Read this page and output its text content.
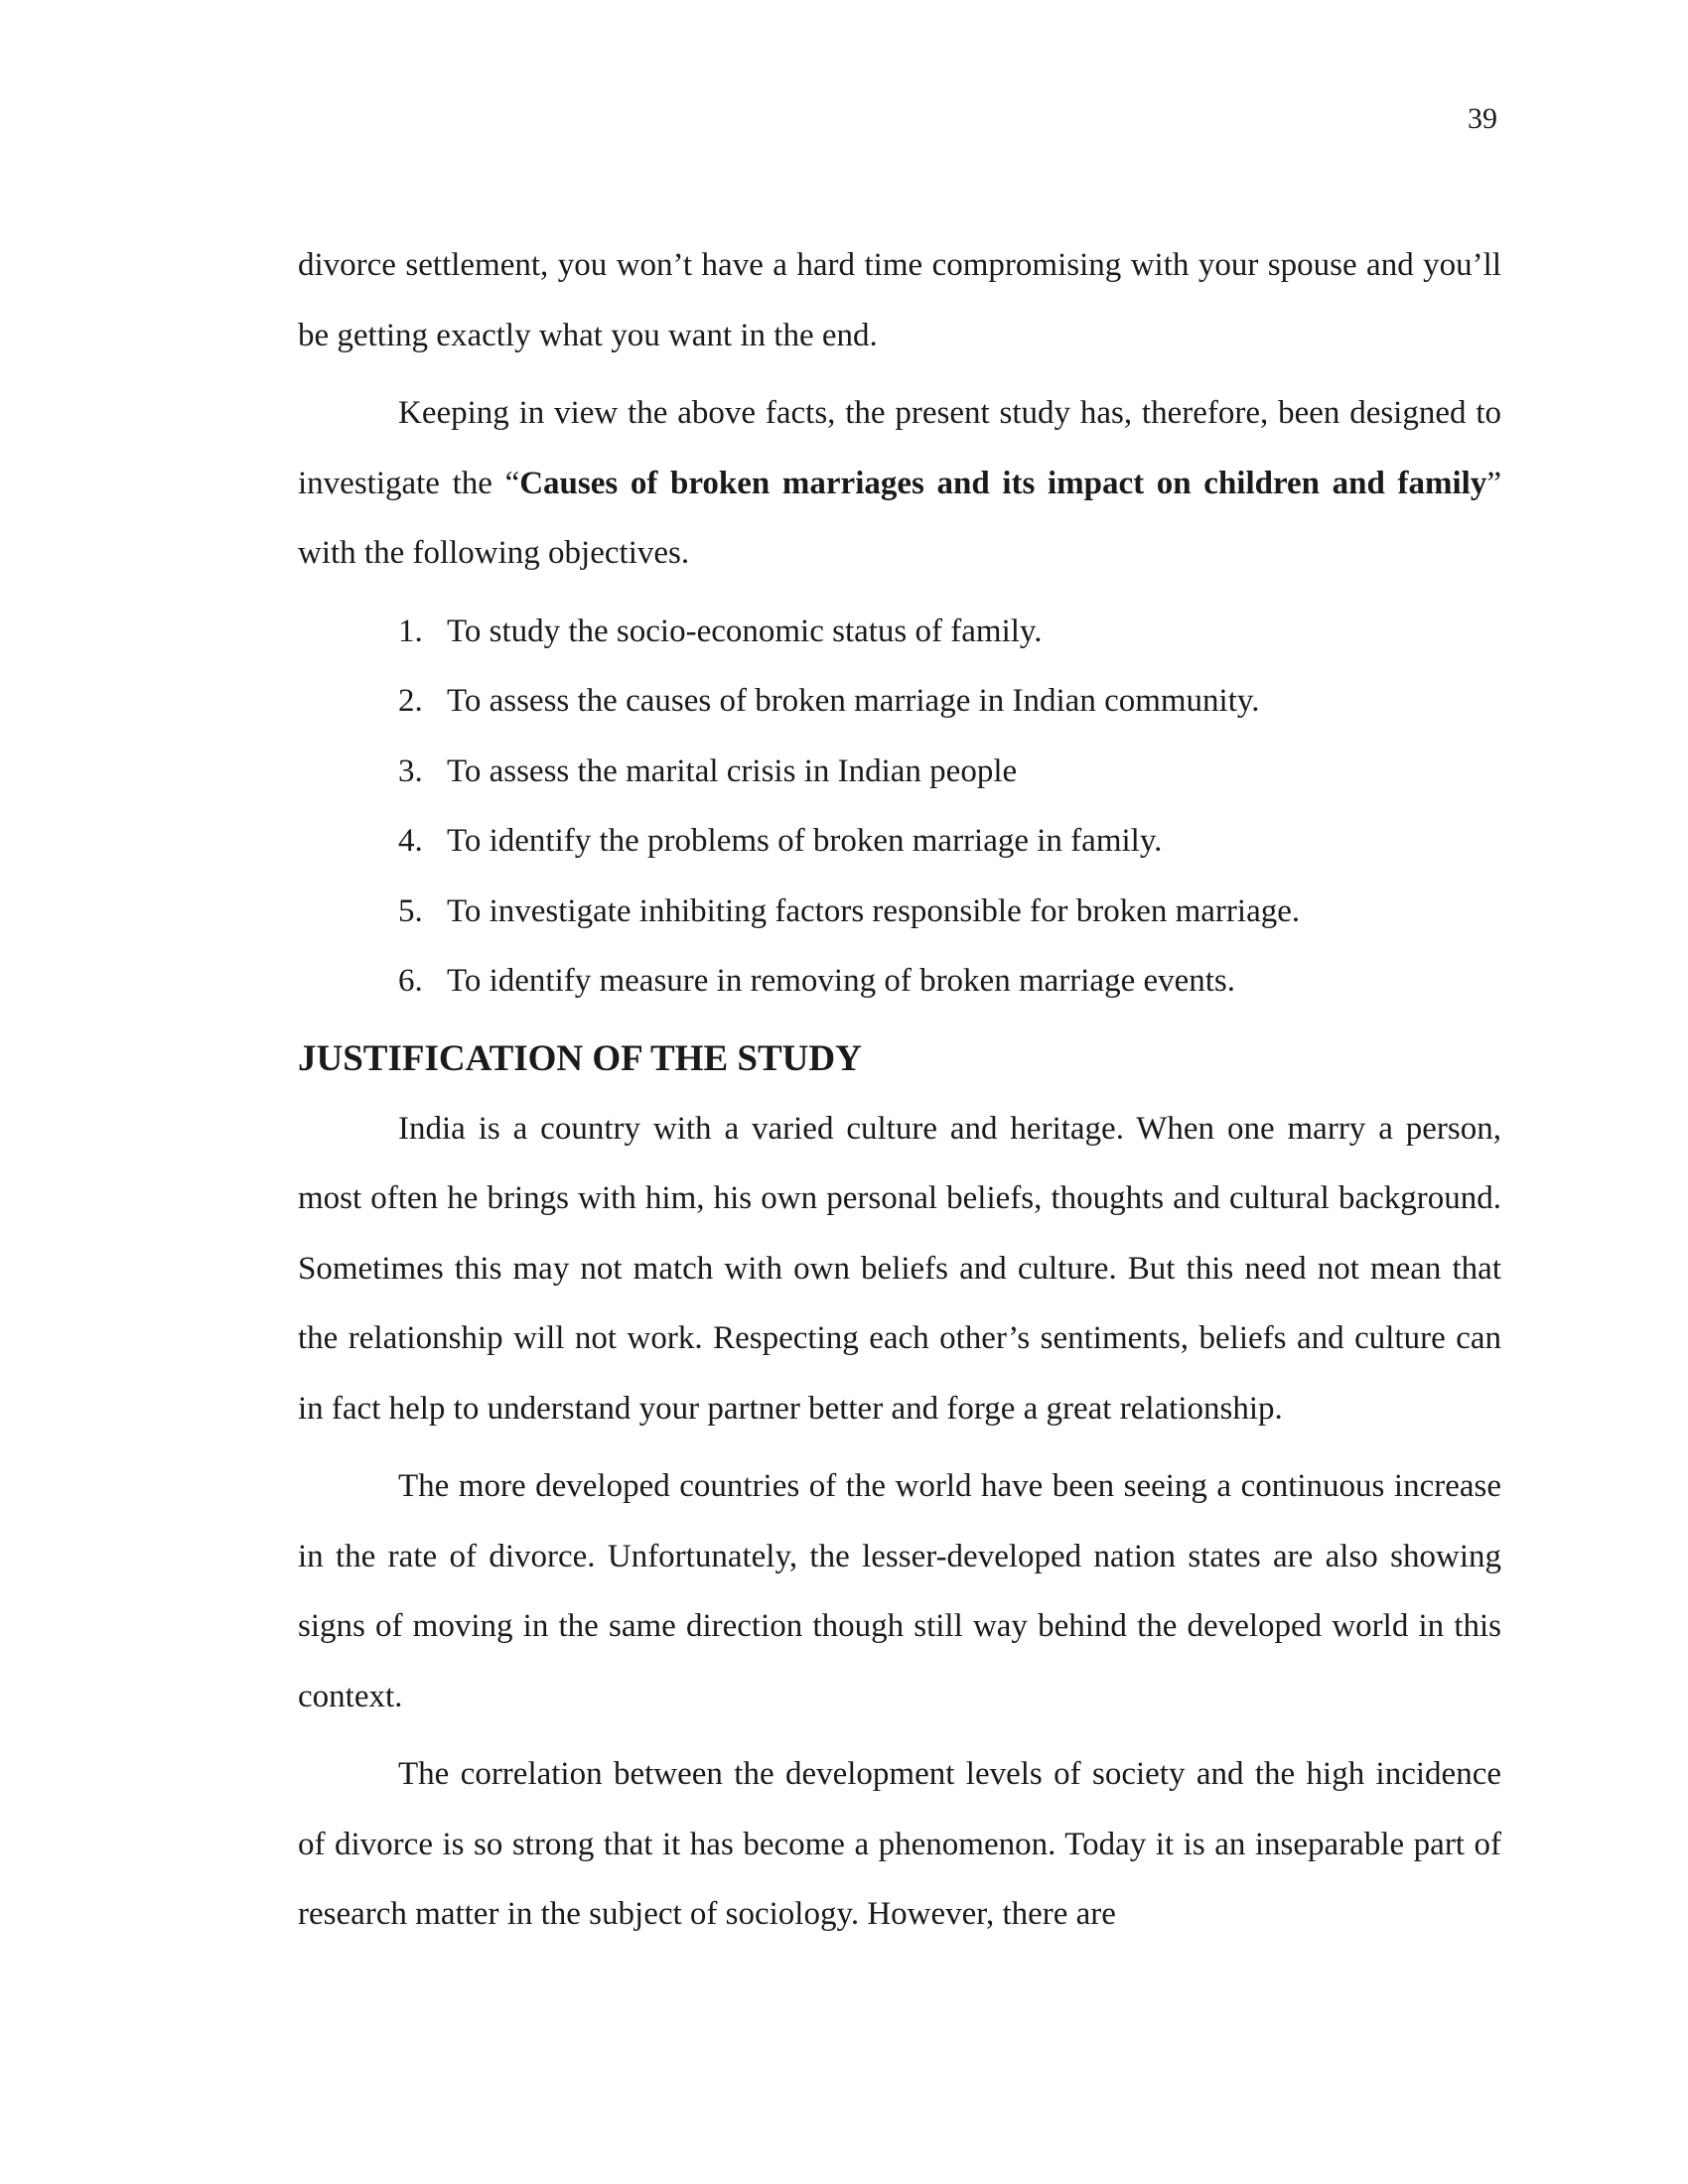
39

divorce settlement, you won’t have a hard time compromising with your spouse and you’ll be getting exactly what you want in the end.

Keeping in view the above facts, the present study has, therefore, been designed to investigate the “Causes of broken marriages and its impact on children and family” with the following objectives.

1. To study the socio-economic status of family.
2. To assess the causes of broken marriage in Indian community.
3. To assess the marital crisis in Indian people
4. To identify the problems of broken marriage in family.
5. To investigate inhibiting factors responsible for broken marriage.
6. To identify measure in removing of broken marriage events.
JUSTIFICATION OF THE STUDY

India is a country with a varied culture and heritage. When one marry a person, most often he brings with him, his own personal beliefs, thoughts and cultural background. Sometimes this may not match with own beliefs and culture. But this need not mean that the relationship will not work. Respecting each other’s sentiments, beliefs and culture can in fact help to understand your partner better and forge a great relationship.

The more developed countries of the world have been seeing a continuous increase in the rate of divorce. Unfortunately, the lesser-developed nation states are also showing signs of moving in the same direction though still way behind the developed world in this context.

The correlation between the development levels of society and the high incidence of divorce is so strong that it has become a phenomenon. Today it is an inseparable part of research matter in the subject of sociology. However, there are
